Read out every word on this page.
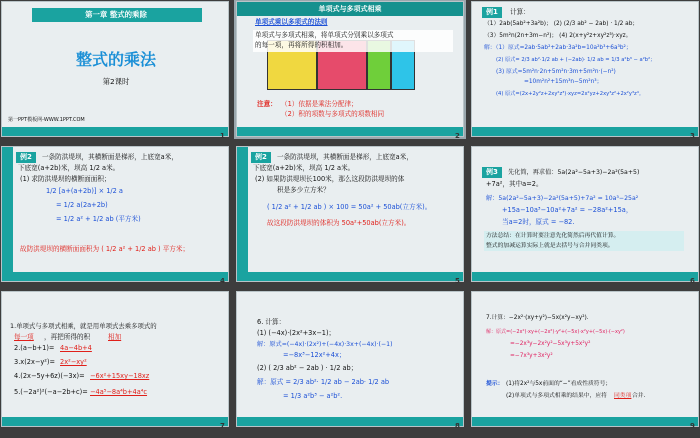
第一章 整式的乘除
整式的乘法
第2课时
第一PPT模板网-WWW.1PPT.COM
1
单项式与多项式相乘
单项式乘以多项式的法则
单项式与多项式相乘，将单项式分别乘以多项式
的每一项，再将所得的积相加。
注意： （1）依据是乘法分配律；
（2）积的项数与多项式的项数相同
2
例1	计算：
（1）2ab(5ab²+3a²b)； (2) (2/3 ab² − 2ab) · 1/2 ab；
（3）5m²n(2n+3m−n²)； (4) 2(x+y²z+xy²z³)·xyz。
解：（1）原式=2ab·5ab²+2ab·3a²b=10a²b³+6a³b²；
(2) 原式= 2/3 ab²·1/2 ab + (−2ab)· 1/2 ab = 1/3 a²b³ − a²b²；
(3) 原式=5m²n·2n+5m²n·3m+5m²n·(−n²)
=10m²n²+15m³n−5m²n³；
(4) 原式=(2x+2y²z+2xy²z³)·xyz=2x²yz+2xy³z²+2x²y³z⁴。
3
例2	一条防洪堤坝，其横断面是梯形，上底宽a米，
下底宽(a+2b)米，坝高 1/2 a米。
(1) 求防洪堤坝的横断面面积；
1/2 [a+(a+2b)] × 1/2 a
= 1/2 a(2a+2b)
= 1/2 a² + 1/2 ab (平方米)
故防洪堤坝的横断面面积为 ( 1/2 a² + 1/2 ab ) 平方米；
4
例2	一条防洪堤坝，其横断面是梯形，上底宽a米，
下底宽(a+2b)米，坝高 1/2 a米。
(2) 如果防洪堤坝长100米，那么这段防洪堤坝的体
积是多少立方米？
( 1/2 a² + 1/2 ab ) × 100 = 50a² + 50ab(立方米)。
故这段防洪堤坝的体积为 50a²+50ab(立方米)。
5
例3	先化简，再求值：5a(2a²−5a+3)−2a²(5a+5)
+7a²，其中a=2。
解：5a(2a²−5a+3)−2a²(5a+5)+7a² = 10a³−25a²
+15a−10a³−10a²+7a² = −28a²+15a，
当a=2时，原式 = −82.
方法总结：在计算时要注意先化简然后再代值计算。
整式的加减运算实际上就是去括号与合并同类项。
6
1.单项式与多项式相乘，就是用单项式去乘多项式的
每一项 ，再把所得的积	相加
2.(a−b+1)= 4a−4b+4
3.x(2x−y²)= 2x²−xy²
4.(2x−5y+6z)(−3x)= −6x²+15xy−18xz
5.(−2a²)²(−a−2b+c)= −4a⁵−8a⁴b+4a⁴c
7
6. 计算：
(1) (−4x)·(2x²+3x−1)；
解：原式=(−4x)·(2x²)+(−4x)·3x+(−4x)·(−1)
=−8x³−12x²+4x；
(2) ( 2/3 ab² − 2ab ) · 1/2 ab；
解：原式 = 2/3 ab²· 1/2 ab − 2ab· 1/2 ab
= 1/3 a²b³ − a²b².
8
7.计算：−2x²·(xy+y²)−5x(x²y−xy²).
解：原式=(−2x²)·xy+(−2x²)·y²+(−5x)·x²y+(−5x)·(−xy²)
=−2x³y−2x²y²−5x³y+5x²y²
=−7x³y+3x²y²
提示： (1)将2x²与5x前面的“−”看成性质符号；
(2)单项式与多项式相乘的结果中，应将 同类项 合并.
9
